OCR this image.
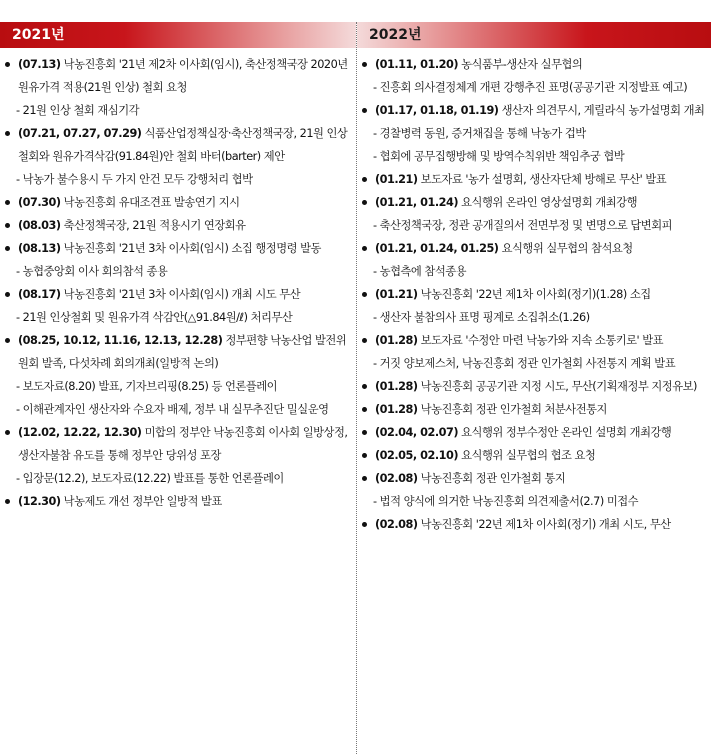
2021년
(07.13) 낙농진흥회 '21년 제2차 이사회(임시), 축산정책국장 2020년 원유가격 적용(21원 인상) 철회 요청
- 21원 인상 철회 재심기각
(07.21, 07.27, 07.29) 식품산업정책실장·축산정책국장, 21원 인상 철회와 원유가격삭감(91.84원)안 철회 바터(barter) 제안
- 낙농가 불수용시 두 가지 안건 모두 강행처리 협박
(07.30) 낙농진흥회 유대조견표 발송연기 지시
(08.03) 축산정책국장, 21원 적용시기 연장회유
(08.13) 낙농진흥회 '21년 3차 이사회(임시) 소집 행정명령 발동
- 농협중앙회 이사 회의참석 종용
(08.17) 낙농진흥회 '21년 3차 이사회(임시) 개최 시도 무산
- 21원 인상철회 및 원유가격 삭감안(△91.84원/ℓ) 처리무산
(08.25, 10.12, 11.16, 12.13, 12.28) 정부편향 낙농산업 발전위원회 발족, 다섯차례 회의개최(일방적 논의)
- 보도자료(8.20) 발표, 기자브리핑(8.25) 등 언론플레이
- 이해관계자인 생산자와 수요자 배제, 정부 내 실무추진단 밀실운영
(12.02, 12.22, 12.30) 미합의 정부안 낙농진흥회 이사회 일방상정, 생산자불참 유도를 통해 정부안 당위성 포장
- 입장문(12.2), 보도자료(12.22) 발표를 통한 언론플레이
(12.30) 낙농제도 개선 정부안 일방적 발표
2022년
(01.11, 01.20) 농식품부-생산자 실무협의
- 진흥회 의사결정체계 개편 강행추진 표명(공공기관 지정발표 예고)
(01.17, 01.18, 01.19) 생산자 의견무시, 게릴라식 농가설명회 개최
- 경찰병력 동원, 증거채집을 통해 낙농가 겁박
- 협회에 공무집행방해 및 방역수칙위반 책임추궁 협박
(01.21) 보도자료 '농가 설명회, 생산자단체 방해로 무산' 발표
(01.21, 01.24) 요식행위 온라인 영상설명회 개최강행
- 축산정책국장, 정관 공개질의서 전면부정 및 변명으로 답변회피
(01.21, 01.24, 01.25) 요식행위 실무협의 참석요청
- 농협측에 참석종용
(01.21) 낙농진흥회 '22년 제1차 이사회(정기)(1.28) 소집
- 생산자 불참의사 표명 핑계로 소집취소(1.26)
(01.28) 보도자료 '수정안 마련 낙농가와 지속 소통키로' 발표
- 거짓 양보제스처, 낙농진흥회 정관 인가철회 사전통지 계획 발표
(01.28) 낙농진흥회 공공기관 지정 시도, 무산(기획재정부 지정유보)
(01.28) 낙농진흥회 정관 인가철회 처분사전통지
(02.04, 02.07) 요식행위 정부수정안 온라인 설명회 개최강행
(02.05, 02.10) 요식행위 실무협의 협조 요청
(02.08) 낙농진흥회 정관 인가철회 통지
- 법적 양식에 의거한 낙농진흥회 의견제출서(2.7) 미접수
(02.08) 낙농진흥회 '22년 제1차 이사회(정기) 개최 시도, 무산
